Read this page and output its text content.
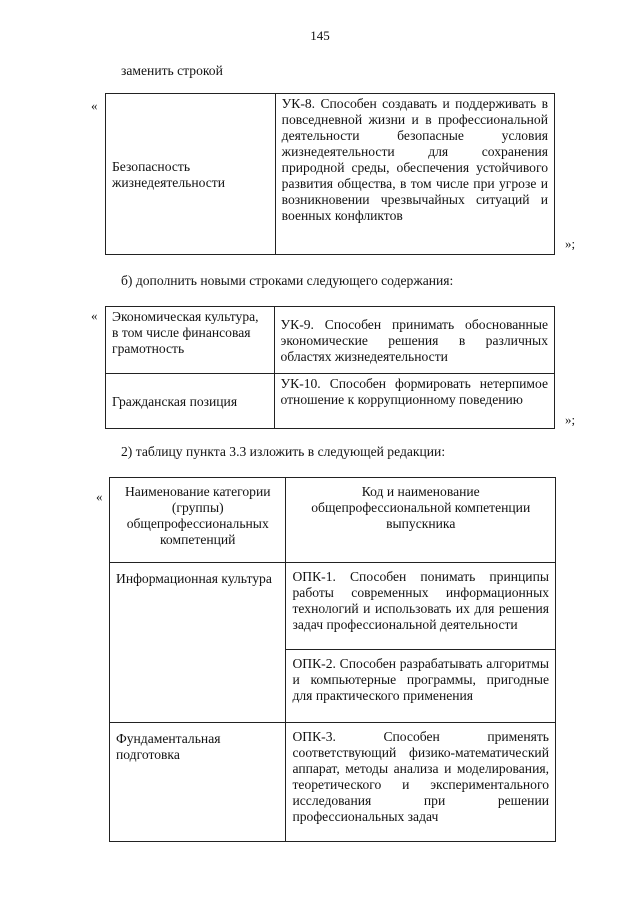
145
заменить строкой
«
Безопасность жизнедеятельности	УК-8. Способен создавать и поддерживать в повседневной жизни и в профессиональной деятельности безопасные условия жизнедеятельности для сохранения природной среды, обеспечения устойчивого развития общества, в том числе при угрозе и возникновении чрезвычайных ситуаций и военных конфликтов
»;
б) дополнить новыми строками следующего содержания:
« Экономическая культура, в том числе финансовая грамотность	УК-9. Способен принимать обоснованные экономические решения в различных областях жизнедеятельности
Гражданская позиция	УК-10. Способен формировать нетерпимое отношение к коррупционному поведению
»;
2) таблицу пункта 3.3 изложить в следующей редакции:
« Наименование категории (группы) общепрофессиональных компетенций	Код и наименование общепрофессиональной компетенции выпускника
Информационная культура	ОПК-1. Способен понимать принципы работы современных информационных технологий и использовать их для решения задач профессиональной деятельности
	ОПК-2. Способен разрабатывать алгоритмы и компьютерные программы, пригодные для практического применения
Фундаментальная подготовка	ОПК-3. Способен применять соответствующий физико-математический аппарат, методы анализа и моделирования, теоретического и экспериментального исследования при решении профессиональных задач
